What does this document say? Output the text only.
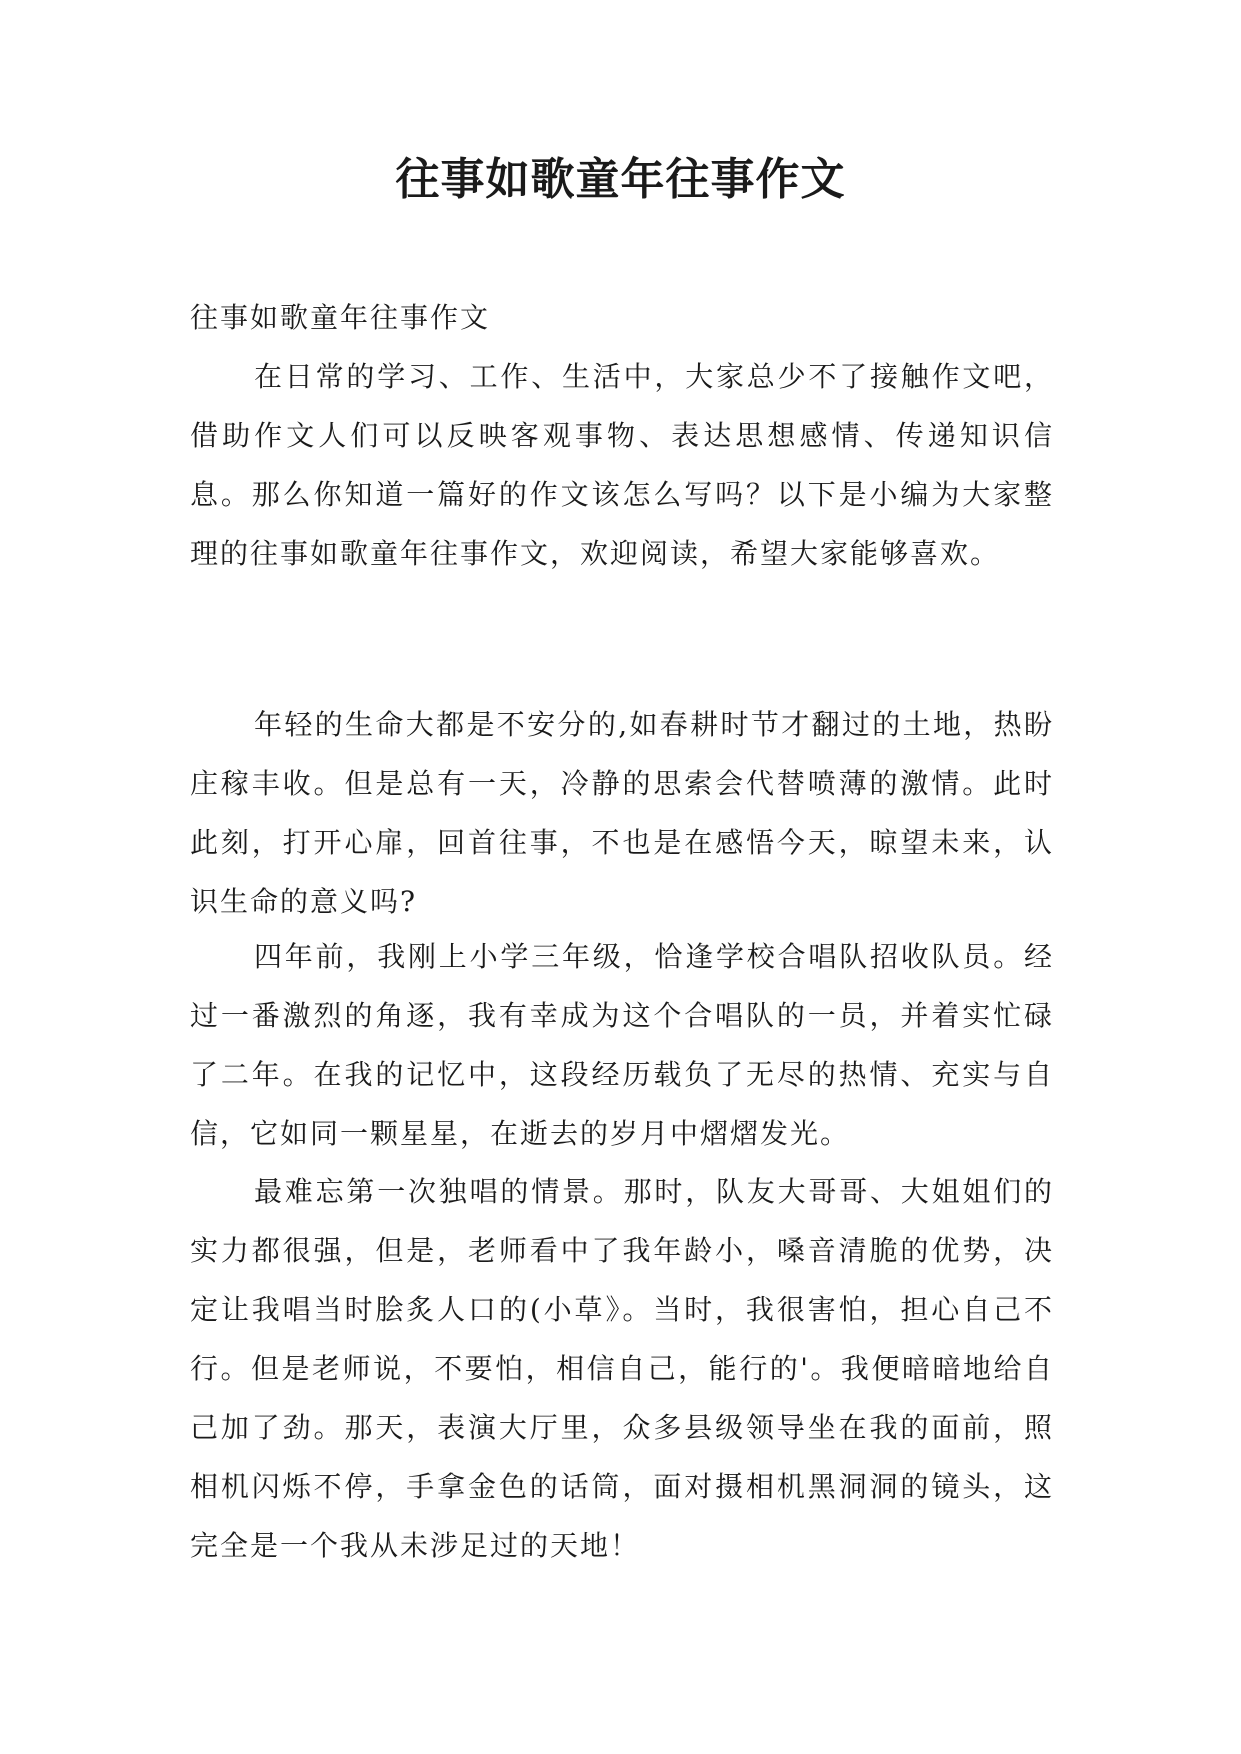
往事如歌童年往事作文

往事如歌童年往事作文

在日常的学习、工作、生活中，大家总少不了接触作文吧，借助作文人们可以反映客观事物、表达思想感情、传递知识信息。那么你知道一篇好的作文该怎么写吗？以下是小编为大家整理的往事如歌童年往事作文，欢迎阅读，希望大家能够喜欢。

年轻的生命大都是不安分的,如春耕时节才翻过的土地，热盼庄稼丰收。但是总有一天，冷静的思索会代替喷薄的激情。此时此刻，打开心扉，回首往事，不也是在感悟今天，晾望未来，认识生命的意义吗?

四年前，我刚上小学三年级，恰逢学校合唱队招收队员。经过一番激烈的角逐，我有幸成为这个合唱队的一员，并着实忙碌了二年。在我的记忆中，这段经历载负了无尽的热情、充实与自信，它如同一颗星星，在逝去的岁月中熠熠发光。

最难忘第一次独唱的情景。那时，队友大哥哥、大姐姐们的实力都很强，但是，老师看中了我年龄小，嗓音清脆的优势，决定让我唱当时脍炙人口的(小草》。当时，我很害怕，担心自己不行。但是老师说，不要怕，相信自己，能行的'。我便暗暗地给自己加了劲。那天，表演大厅里，众多县级领导坐在我的面前，照相机闪烁不停，手拿金色的话筒，面对摄相机黑洞洞的镜头，这完全是一个我从未涉足过的天地！
